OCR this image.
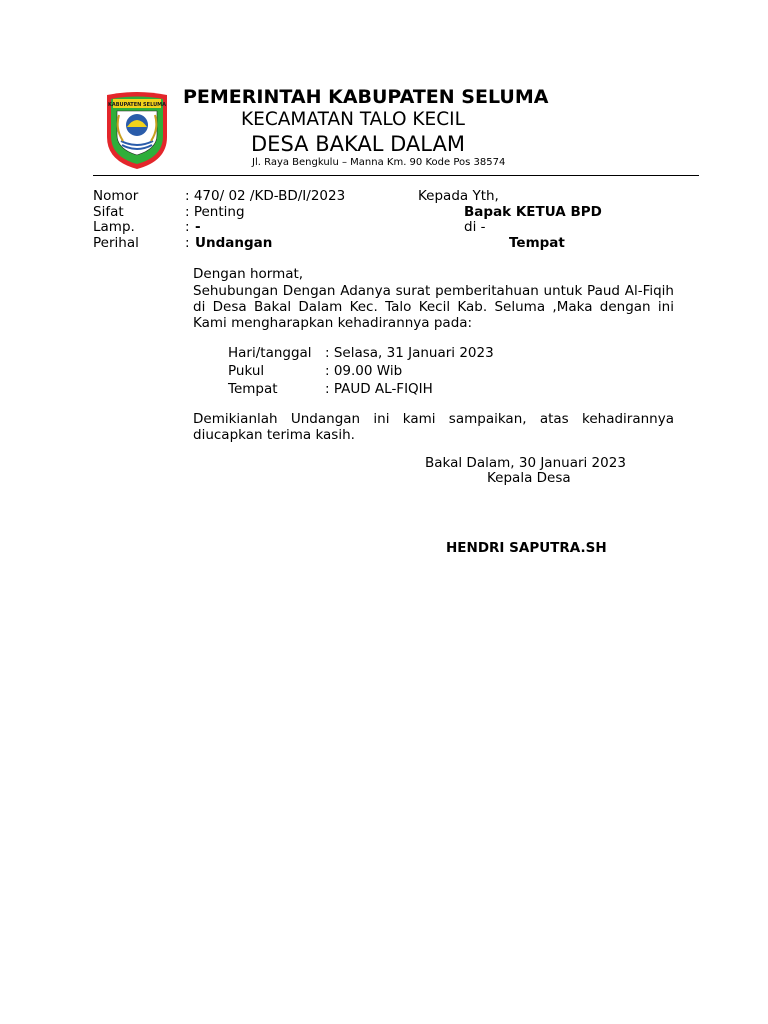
KABUPATEN SELUMA PEMERINTAH KABUPATEN SELUMA
KECAMATAN TALO KECIL
DESA BAKAL DALAM
Jl. Raya Bengkulu – Manna Km. 90 Kode Pos 38574
Nomor	: 470/ 02 /KD-BD/I/2023
Sifat	: Penting
Lamp.	: -
Perihal	: Undangan
Kepada Yth,
Bapak KETUA BPD
di -
Tempat
Dengan hormat,
Sehubungan Dengan Adanya surat pemberitahuan untuk Paud Al-Fiqih di Desa Bakal Dalam Kec. Talo Kecil Kab. Seluma ,Maka dengan ini Kami mengharapkan kehadirannya pada:
Hari/tanggal : Selasa, 31 Januari 2023
Pukul	: 09.00 Wib
Tempat	: PAUD AL-FIQIH
Demikianlah Undangan ini kami sampaikan, atas kehadirannya diucapkan terima kasih.
Bakal Dalam, 30 Januari 2023
Kepala Desa
HENDRI SAPUTRA.SH
